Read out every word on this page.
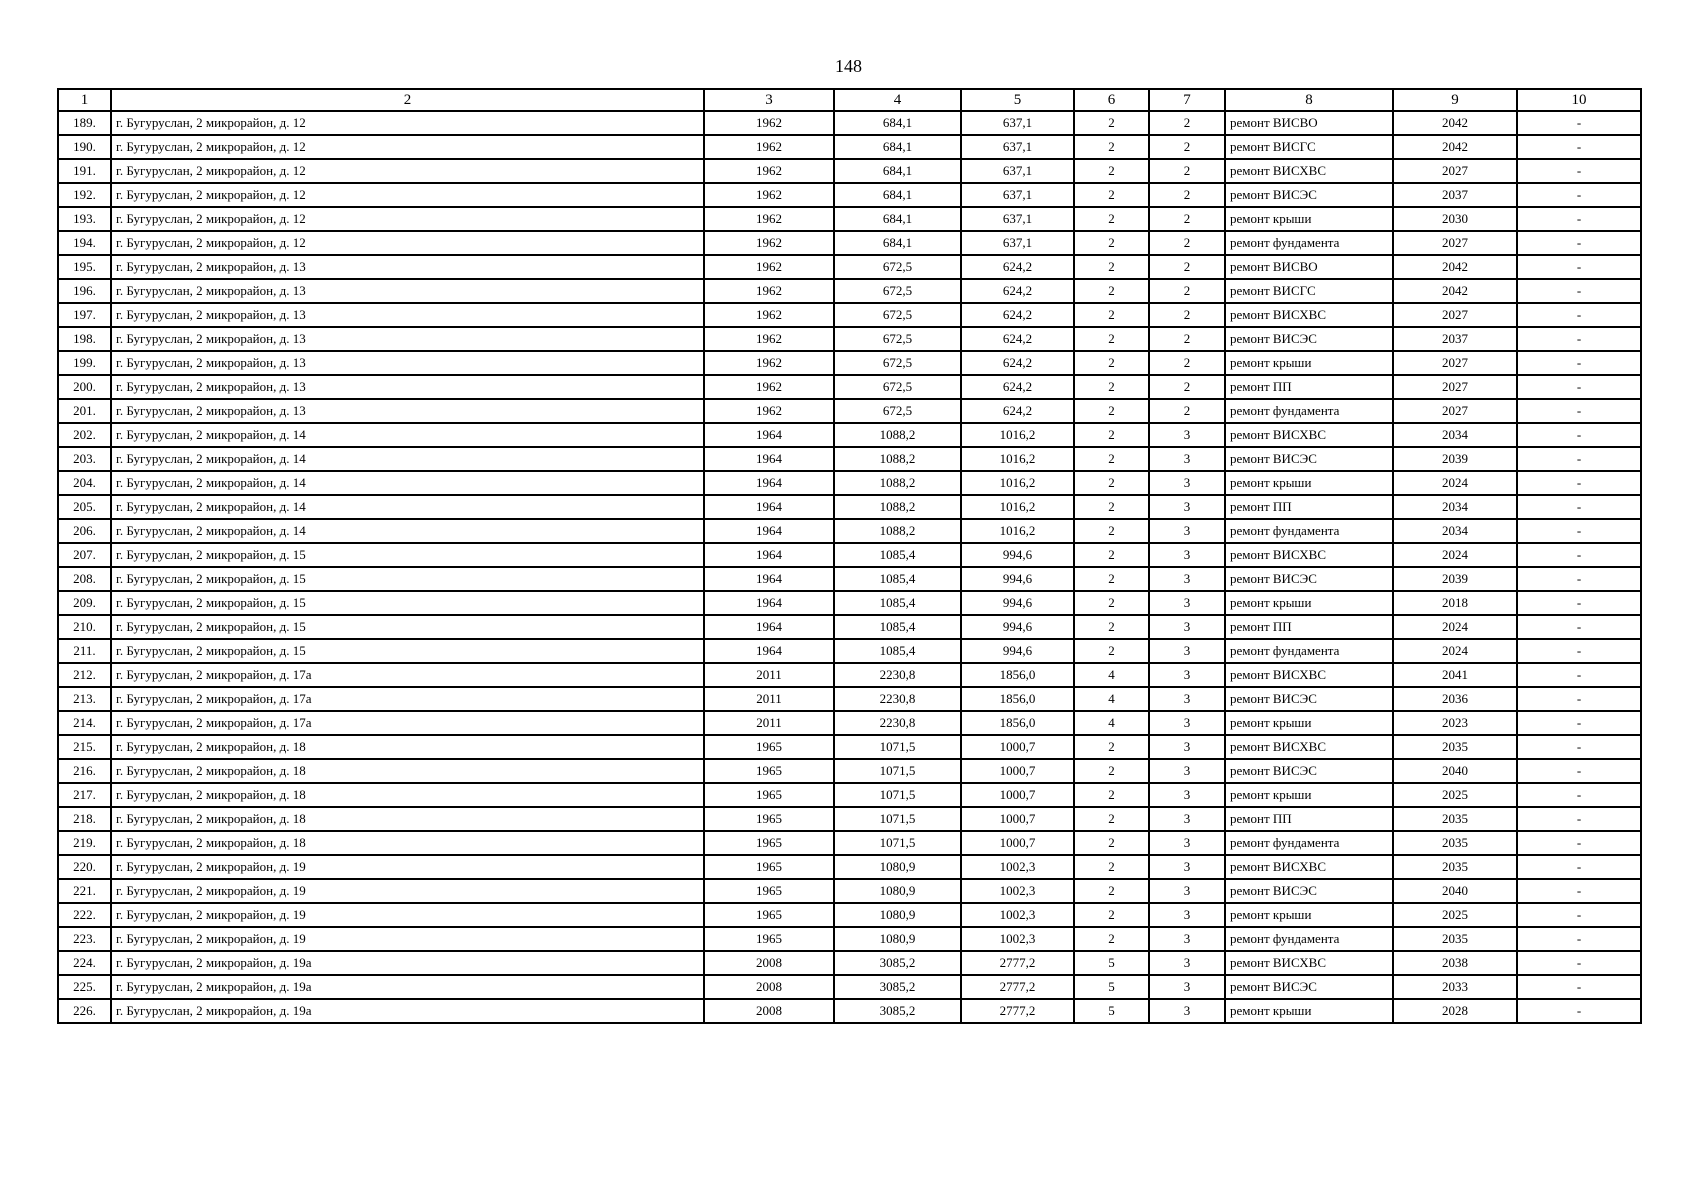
148
1	2	3	4	5	6	7	8	9	10
189.	г. Бугуруслан, 2 микрорайон, д. 12	1962	684,1	637,1	2	2	ремонт ВИСВО	2042	-
190.	г. Бугуруслан, 2 микрорайон, д. 12	1962	684,1	637,1	2	2	ремонт ВИСГС	2042	-
191.	г. Бугуруслан, 2 микрорайон, д. 12	1962	684,1	637,1	2	2	ремонт ВИСХВС	2027	-
192.	г. Бугуруслан, 2 микрорайон, д. 12	1962	684,1	637,1	2	2	ремонт ВИСЭС	2037	-
193.	г. Бугуруслан, 2 микрорайон, д. 12	1962	684,1	637,1	2	2	ремонт крыши	2030	-
194.	г. Бугуруслан, 2 микрорайон, д. 12	1962	684,1	637,1	2	2	ремонт фундамента	2027	-
195.	г. Бугуруслан, 2 микрорайон, д. 13	1962	672,5	624,2	2	2	ремонт ВИСВО	2042	-
196.	г. Бугуруслан, 2 микрорайон, д. 13	1962	672,5	624,2	2	2	ремонт ВИСГС	2042	-
197.	г. Бугуруслан, 2 микрорайон, д. 13	1962	672,5	624,2	2	2	ремонт ВИСХВС	2027	-
198.	г. Бугуруслан, 2 микрорайон, д. 13	1962	672,5	624,2	2	2	ремонт ВИСЭС	2037	-
199.	г. Бугуруслан, 2 микрорайон, д. 13	1962	672,5	624,2	2	2	ремонт крыши	2027	-
200.	г. Бугуруслан, 2 микрорайон, д. 13	1962	672,5	624,2	2	2	ремонт ПП	2027	-
201.	г. Бугуруслан, 2 микрорайон, д. 13	1962	672,5	624,2	2	2	ремонт фундамента	2027	-
202.	г. Бугуруслан, 2 микрорайон, д. 14	1964	1088,2	1016,2	2	3	ремонт ВИСХВС	2034	-
203.	г. Бугуруслан, 2 микрорайон, д. 14	1964	1088,2	1016,2	2	3	ремонт ВИСЭС	2039	-
204.	г. Бугуруслан, 2 микрорайон, д. 14	1964	1088,2	1016,2	2	3	ремонт крыши	2024	-
205.	г. Бугуруслан, 2 микрорайон, д. 14	1964	1088,2	1016,2	2	3	ремонт ПП	2034	-
206.	г. Бугуруслан, 2 микрорайон, д. 14	1964	1088,2	1016,2	2	3	ремонт фундамента	2034	-
207.	г. Бугуруслан, 2 микрорайон, д. 15	1964	1085,4	994,6	2	3	ремонт ВИСХВС	2024	-
208.	г. Бугуруслан, 2 микрорайон, д. 15	1964	1085,4	994,6	2	3	ремонт ВИСЭС	2039	-
209.	г. Бугуруслан, 2 микрорайон, д. 15	1964	1085,4	994,6	2	3	ремонт крыши	2018	-
210.	г. Бугуруслан, 2 микрорайон, д. 15	1964	1085,4	994,6	2	3	ремонт ПП	2024	-
211.	г. Бугуруслан, 2 микрорайон, д. 15	1964	1085,4	994,6	2	3	ремонт фундамента	2024	-
212.	г. Бугуруслан, 2 микрорайон, д. 17а	2011	2230,8	1856,0	4	3	ремонт ВИСХВС	2041	-
213.	г. Бугуруслан, 2 микрорайон, д. 17а	2011	2230,8	1856,0	4	3	ремонт ВИСЭС	2036	-
214.	г. Бугуруслан, 2 микрорайон, д. 17а	2011	2230,8	1856,0	4	3	ремонт крыши	2023	-
215.	г. Бугуруслан, 2 микрорайон, д. 18	1965	1071,5	1000,7	2	3	ремонт ВИСХВС	2035	-
216.	г. Бугуруслан, 2 микрорайон, д. 18	1965	1071,5	1000,7	2	3	ремонт ВИСЭС	2040	-
217.	г. Бугуруслан, 2 микрорайон, д. 18	1965	1071,5	1000,7	2	3	ремонт крыши	2025	-
218.	г. Бугуруслан, 2 микрорайон, д. 18	1965	1071,5	1000,7	2	3	ремонт ПП	2035	-
219.	г. Бугуруслан, 2 микрорайон, д. 18	1965	1071,5	1000,7	2	3	ремонт фундамента	2035	-
220.	г. Бугуруслан, 2 микрорайон, д. 19	1965	1080,9	1002,3	2	3	ремонт ВИСХВС	2035	-
221.	г. Бугуруслан, 2 микрорайон, д. 19	1965	1080,9	1002,3	2	3	ремонт ВИСЭС	2040	-
222.	г. Бугуруслан, 2 микрорайон, д. 19	1965	1080,9	1002,3	2	3	ремонт крыши	2025	-
223.	г. Бугуруслан, 2 микрорайон, д. 19	1965	1080,9	1002,3	2	3	ремонт фундамента	2035	-
224.	г. Бугуруслан, 2 микрорайон, д. 19а	2008	3085,2	2777,2	5	3	ремонт ВИСХВС	2038	-
225.	г. Бугуруслан, 2 микрорайон, д. 19а	2008	3085,2	2777,2	5	3	ремонт ВИСЭС	2033	-
226.	г. Бугуруслан, 2 микрорайон, д. 19а	2008	3085,2	2777,2	5	3	ремонт крыши	2028	-
